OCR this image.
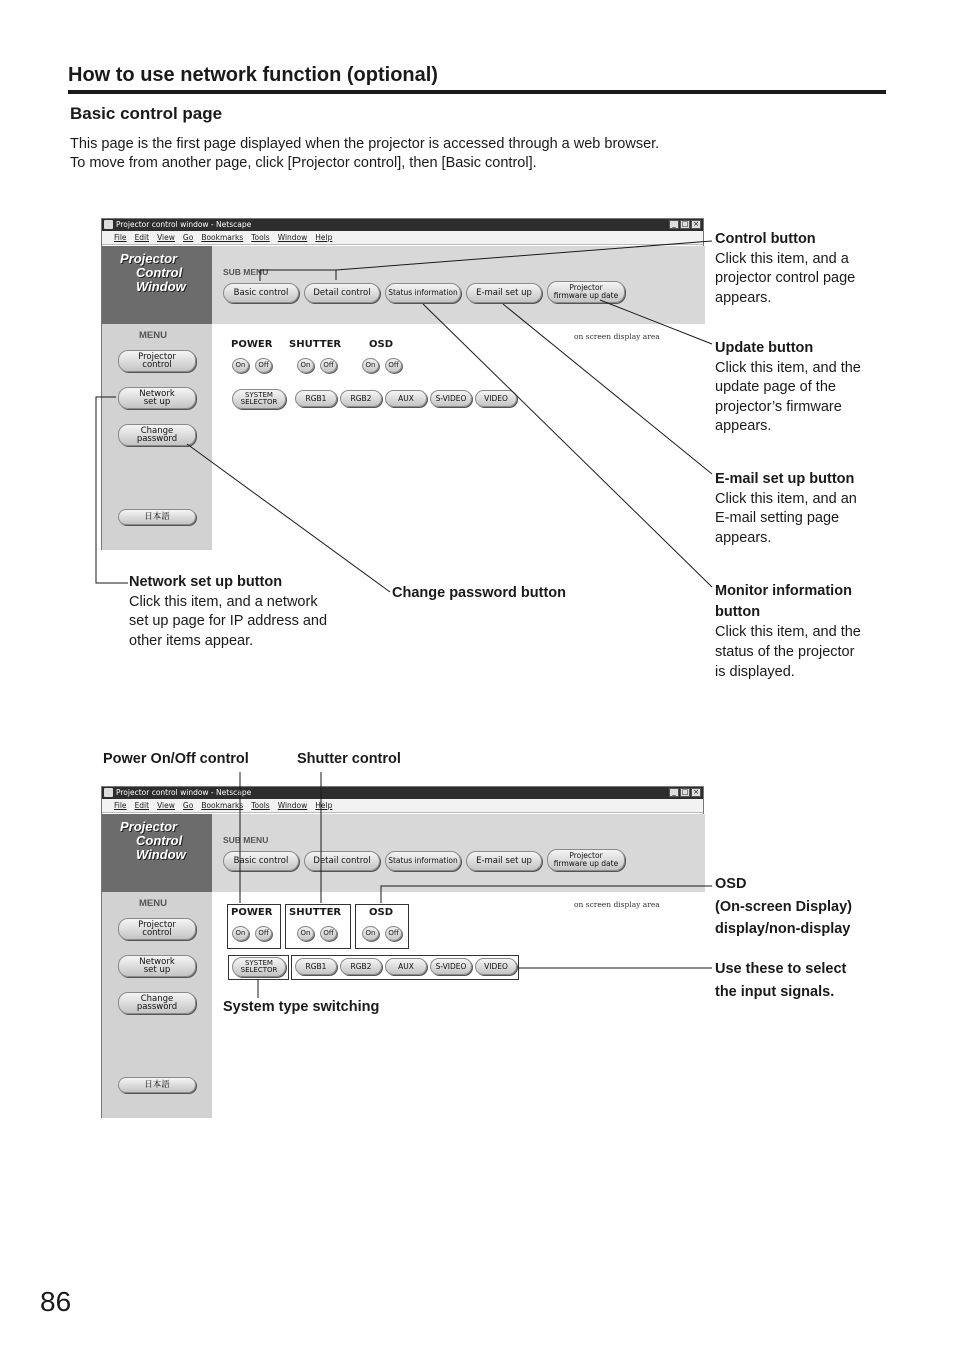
How to use network function (optional)
Basic control page
This page is the first page displayed when the projector is accessed through a web browser.
To move from another page, click [Projector control], then [Basic control].
Projector control window - Netscape	_ □ ×
File Edit View Go Bookmarks Tools Window Help
Projector
Control
Window
SUB MENU
Basic control	Detail control	Status information	E-mail set up
Projector
firmware up date
MENU
Projector
control
Network
set up
Change
password
日本語
POWER SHUTTER	OSD
On	Off	On	Off	On	Off
on screen display area
SYSTEM
SELECTOR	RGB1	RGB2	AUX	S-VIDEO	VIDEO
Projector control window - Netscape	_ □ ×
File Edit View Go Bookmarks Tools Window Help
Projector
Control
Window
SUB MENU
Basic control	Detail control	Status information	E-mail set up
Projector
firmware up date
MENU
Projector
control
Network
set up
Change
password
日本語
POWER SHUTTER	OSD
On	Off	On	Off	On	Off
on screen display area
SYSTEM
SELECTOR	RGB1	RGB2	AUX	S-VIDEO	VIDEO
Control button
Click this item, and a
projector control page
appears.
Update button
Click this item, and the
update page of the
projector’s firmware
appears.
E-mail set up button
Click this item, and an
E-mail setting page
appears.
Monitor information
button
Click this item, and the
status of the projector
is displayed.
Network set up button
Click this item, and a network
set up page for IP address and
other items appear.
Change password button
Power On/Off control	Shutter control
OSD
(On-screen Display)
display/non-display
Use these to select
the input signals.
System type switching
86
